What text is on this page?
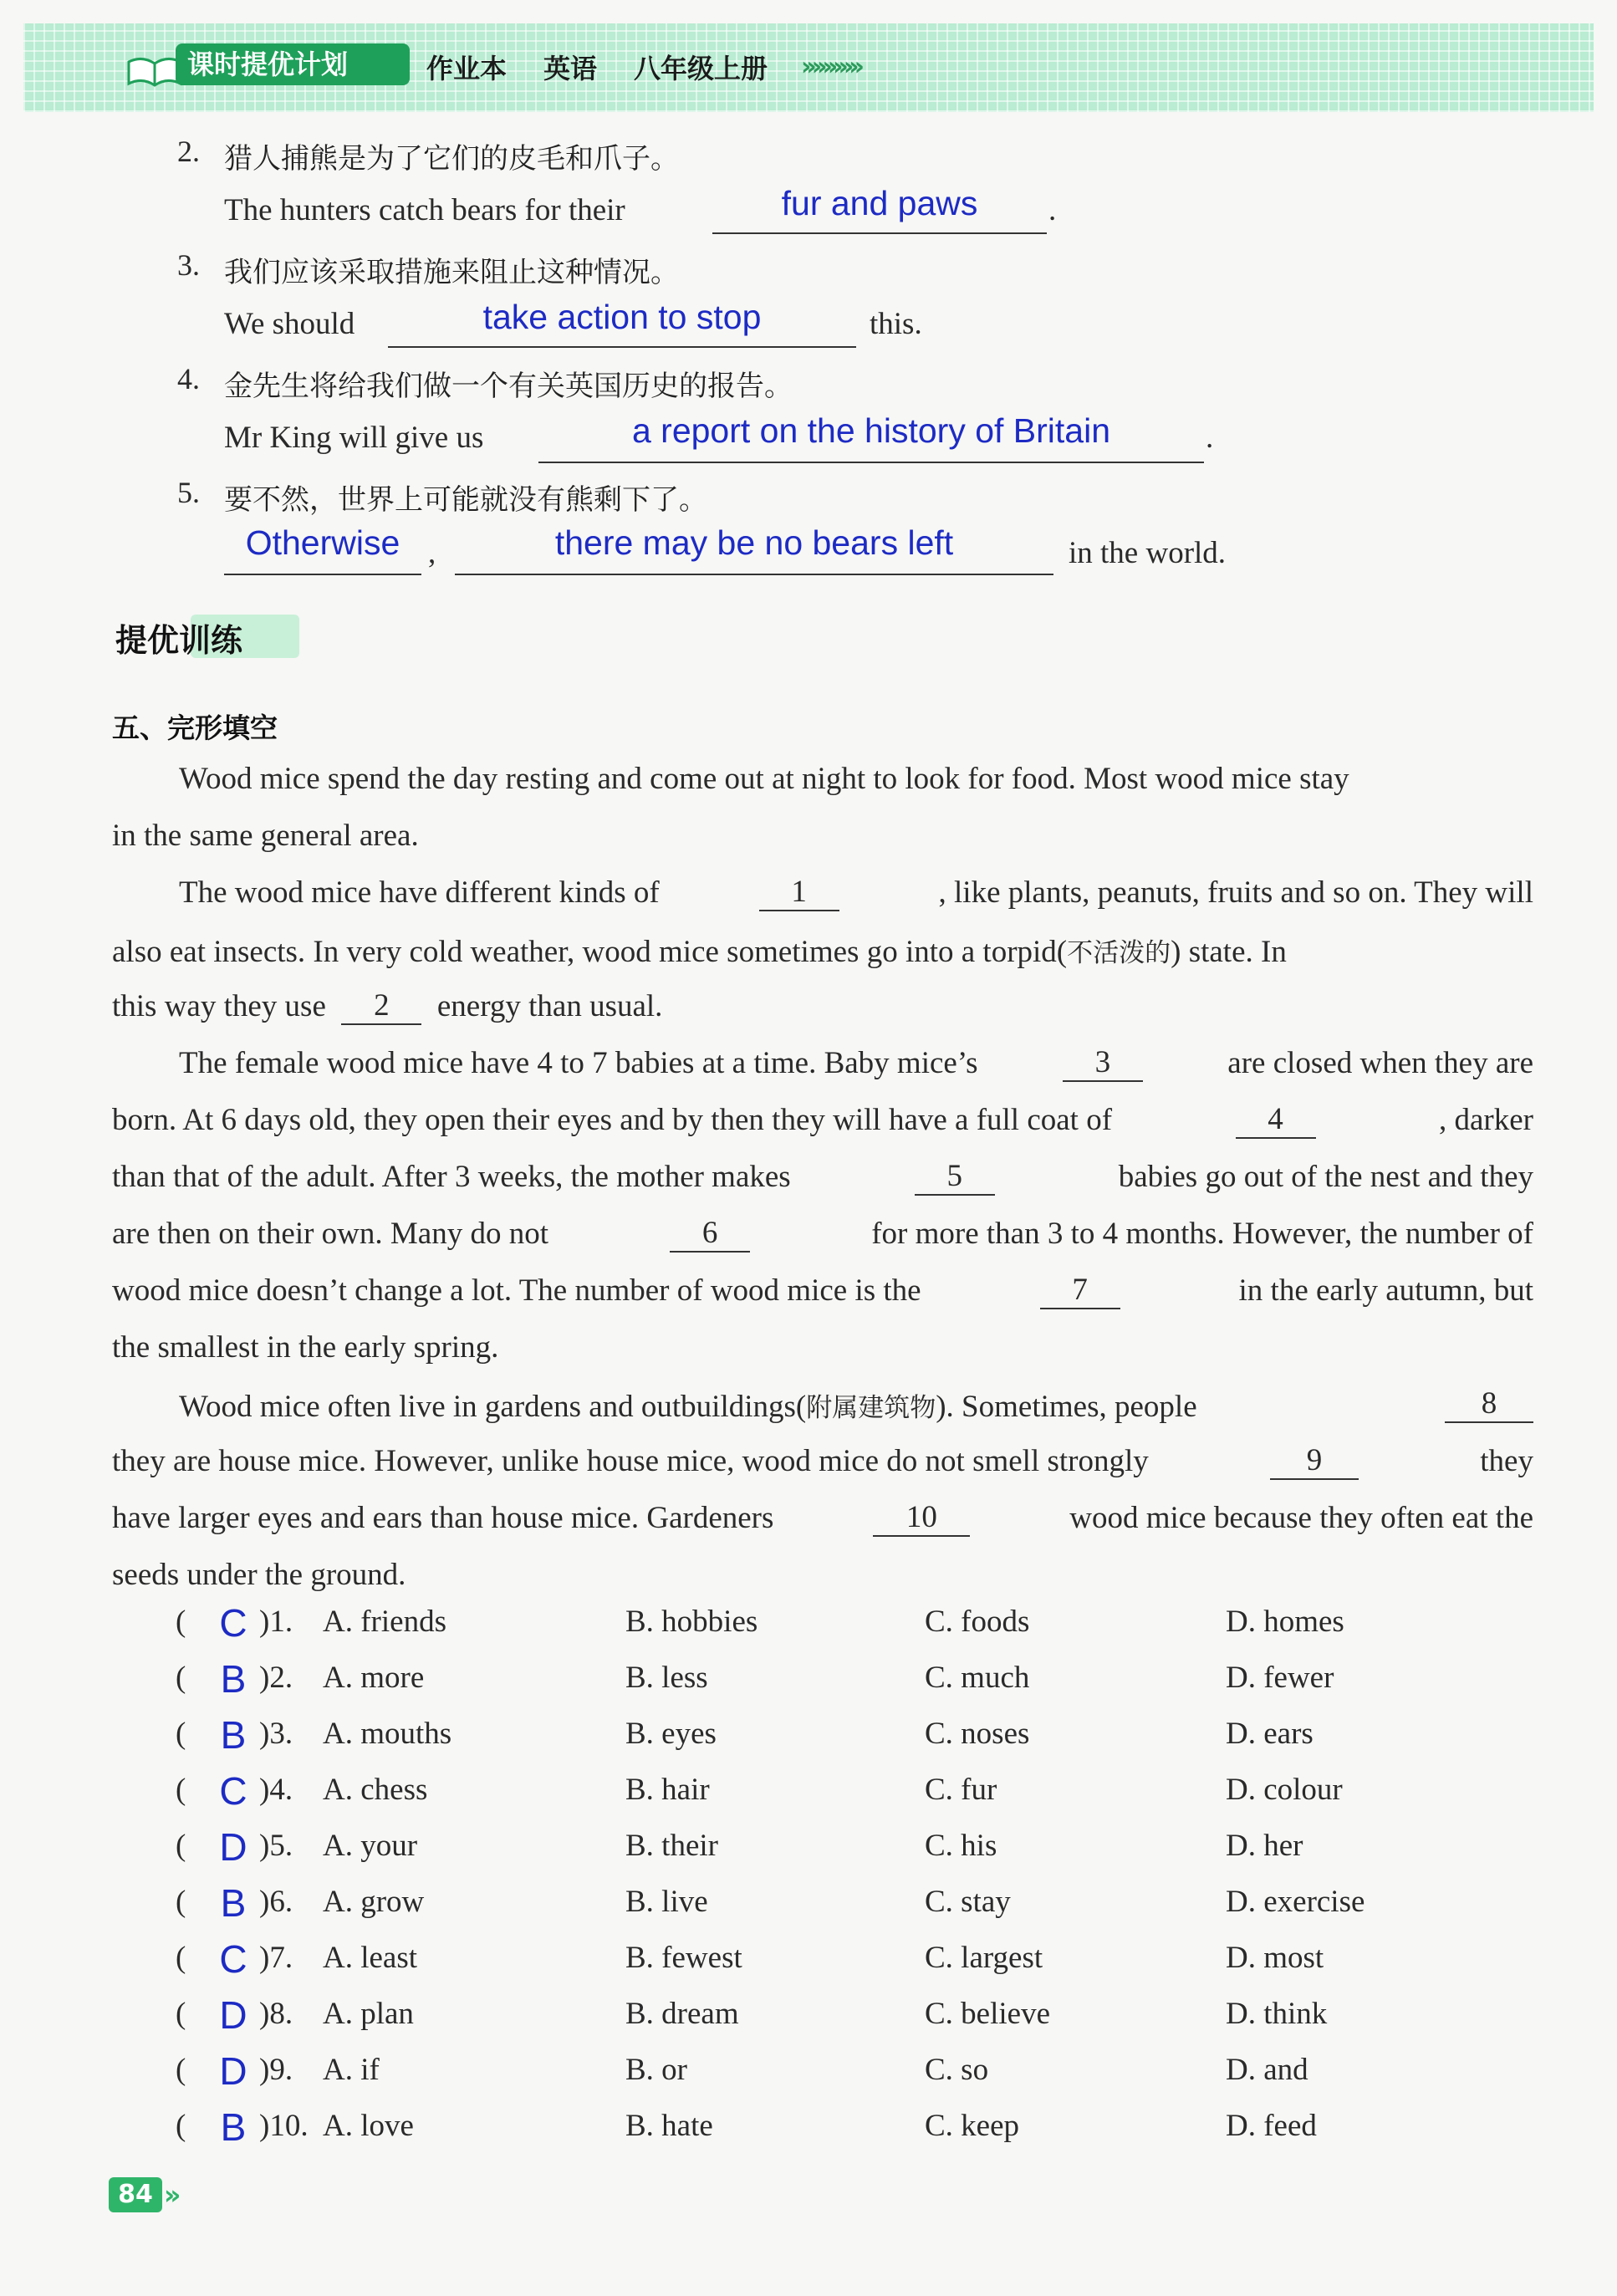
课时提优计划	作业本 英语 八年级上册 ›››››››››››
2. 猎人捕熊是为了它们的皮毛和爪子。
The hunters catch bears for their	fur and paws	.
3. 我们应该采取措施来阻止这种情况。
We should	take action to stop	this.
4. 金先生将给我们做一个有关英国历史的报告。
Mr King will give us	a report on the history of Britain	.
5. 要不然，世界上可能就没有熊剩下了。
Otherwise ,	there may be no bears left	in the world.
提优训练
五、完形填空
Wood mice spend the day resting and come out at night to look for food. Most wood mice stay
in the same general area.
The wood mice have different kinds of	1	, like plants, peanuts, fruits and so on. They will
also eat insects. In very cold weather, wood mice sometimes go into a torpid(不活泼的) state. In
this way they use
	2
	energy than usual.
The female wood mice have 4 to 7 babies at a time. Baby mice’s	3	are closed when they are
born. At 6 days old, they open their eyes and by then they will have a full coat of	4	, darker
than that of the adult. After 3 weeks, the mother makes	5	babies go out of the nest and they
are then on their own. Many do not	6	for more than 3 to 4 months. However, the number of
wood mice doesn’t change a lot. The number of wood mice is the	7	in the early autumn, but
the smallest in the early spring.
Wood mice often live in gardens and outbuildings(附属建筑物). Sometimes, people	8
they are house mice. However, unlike house mice, wood mice do not smell strongly	9	they
have larger eyes and ears than house mice. Gardeners	10	wood mice because they often eat the
seeds under the ground.
( C )1. A. friends	B. hobbies	C. foods	D. homes
( B )2. A. more	B. less	C. much	D. fewer
( B )3. A. mouths	B. eyes	C. noses	D. ears
( C )4. A. chess	B. hair	C. fur	D. colour
( D )5. A. your	B. their	C. his	D. her
( B )6. A. grow	B. live	C. stay	D. exercise
( C )7. A. least	B. fewest	C. largest	D. most
( D )8. A. plan	B. dream	C. believe	D. think
( D )9. A. if	B. or	C. so	D. and
( B )10. A. love	B. hate	C. keep	D. feed
84 ››
